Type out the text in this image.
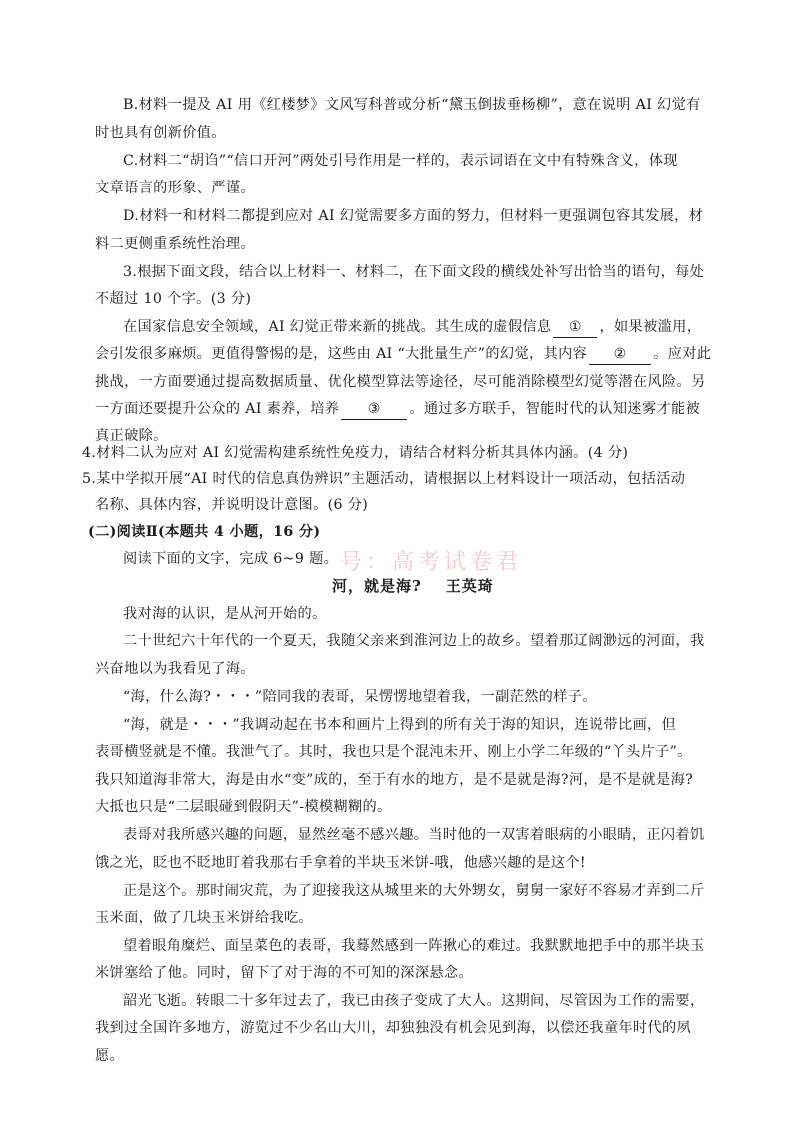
B.材料一提及 AI 用《红楼梦》文风写科普或分析“黛玉倒拔垂杨柳”，意在说明 AI 幻觉有
时也具有创新价值。
C.材料二“胡诌”“信口开河”两处引号作用是一样的，表示词语在文中有特殊含义，体现
文章语言的形象、严谨。
D.材料一和材料二都提到应对 AI 幻觉需要多方面的努力，但材料一更强调包容其发展，材
料二更侧重系统性治理。
3.根据下面文段，结合以上材料一、材料二，在下面文段的横线处补写出恰当的语句，每处
不超过 10 个字。(3 分)
在国家信息安全领域，AI 幻觉正带来新的挑战。其生成的虚假信息 ① ，如果被滥用，
会引发很多麻烦。更值得警惕的是，这些由 AI “大批量生产”的幻觉，其内容 ② 。应对此
挑战，一方面要通过提高数据质量、优化模型算法等途径，尽可能消除模型幻觉等潜在风险。另
一方面还要提升公众的 AI 素养，培养 ③ 。通过多方联手，智能时代的认知迷雾才能被
真正破除。
4.材料二认为应对 AI 幻觉需构建系统性免疫力，请结合材料分析其具体内涵。(4 分)
5.某中学拟开展“AI 时代的信息真伪辨识”主题活动，请根据以上材料设计一项活动，包括活动
名称、具体内容，并说明设计意图。(6 分)
(二)阅读Ⅱ(本题共 4 小题，16 分)
阅读下面的文字，完成 6~9 题。
河，就是海? 王英琦
号：高考试卷君
我对海的认识，是从河开始的。
二十世纪六十年代的一个夏天，我随父亲来到淮河边上的故乡。望着那辽阔渺远的河面，我
兴奋地以为我看见了海。
“海，什么海?・・・”陪同我的表哥，呆愣愣地望着我，一副茫然的样子。
“海，就是・・・”我调动起在书本和画片上得到的所有关于海的知识，连说带比画，但
表哥横竖就是不懂。我泄气了。其时，我也只是个混沌未开、刚上小学二年级的“丫头片子”。
我只知道海非常大，海是由水“变”成的，至于有水的地方，是不是就是海?河，是不是就是海?
大抵也只是“二层眼碰到假阴天”-模模糊糊的。
表哥对我所感兴趣的问题，显然丝毫不感兴趣。当时他的一双害着眼病的小眼睛，正闪着饥
饿之光，眨也不眨地盯着我那右手拿着的半块玉米饼-哦，他感兴趣的是这个!
正是这个。那时闹灾荒，为了迎接我这从城里来的大外甥女，舅舅一家好不容易才弄到二斤
玉米面，做了几块玉米饼给我吃。
望着眼角糜烂、面呈菜色的表哥，我蓦然感到一阵揪心的难过。我默默地把手中的那半块玉
米饼塞给了他。同时，留下了对于海的不可知的深深悬念。
韶光飞逝。转眼二十多年过去了，我已由孩子变成了大人。这期间，尽管因为工作的需要，
我到过全国许多地方，游览过不少名山大川，却独独没有机会见到海，以偿还我童年时代的夙
愿。
